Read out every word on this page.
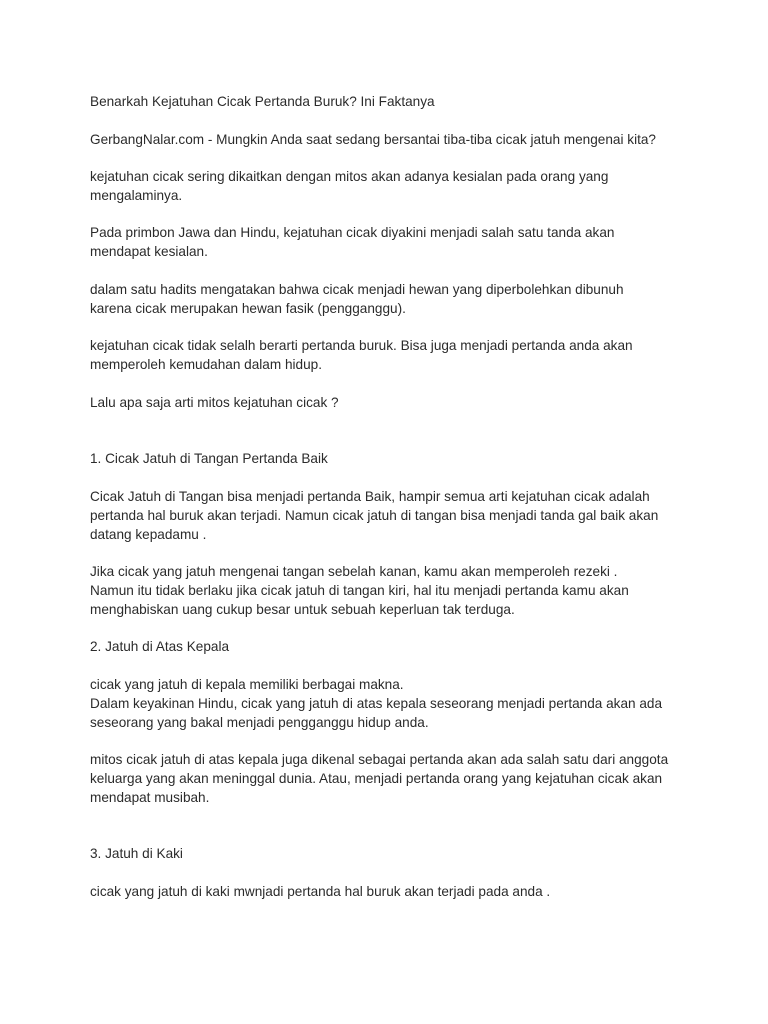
Benarkah Kejatuhan Cicak Pertanda Buruk? Ini Faktanya

GerbangNalar.com - Mungkin Anda saat sedang bersantai tiba-tiba cicak jatuh mengenai kita?

kejatuhan cicak sering dikaitkan dengan mitos akan adanya kesialan pada orang yang

mengalaminya.

Pada primbon Jawa dan Hindu, kejatuhan cicak diyakini menjadi salah satu tanda akan

mendapat kesialan.

dalam satu hadits mengatakan bahwa cicak menjadi hewan yang diperbolehkan dibunuh

karena cicak merupakan hewan fasik (pengganggu).

kejatuhan cicak tidak selalh berarti pertanda buruk. Bisa juga menjadi pertanda anda akan

memperoleh kemudahan dalam hidup.

Lalu apa saja arti mitos kejatuhan cicak ?

1. Cicak Jatuh di Tangan Pertanda Baik

Cicak Jatuh di Tangan bisa menjadi pertanda Baik, hampir semua arti kejatuhan cicak adalah

pertanda hal buruk akan terjadi. Namun cicak jatuh di tangan bisa menjadi tanda gal baik akan

datang kepadamu .

Jika cicak yang jatuh mengenai tangan sebelah kanan, kamu akan memperoleh rezeki .

Namun itu tidak berlaku jika cicak jatuh di tangan kiri, hal itu menjadi pertanda kamu akan

menghabiskan uang cukup besar untuk sebuah keperluan tak terduga.

2. Jatuh di Atas Kepala

cicak yang jatuh di kepala memiliki berbagai makna.

Dalam keyakinan Hindu, cicak yang jatuh di atas kepala seseorang menjadi pertanda akan ada

seseorang yang bakal menjadi pengganggu hidup anda.

mitos cicak jatuh di atas kepala juga dikenal sebagai pertanda akan ada salah satu dari anggota

keluarga yang akan meninggal dunia. Atau, menjadi pertanda orang yang kejatuhan cicak akan

mendapat musibah.

3. Jatuh di Kaki

cicak yang jatuh di kaki mwnjadi pertanda hal buruk akan terjadi pada anda .
